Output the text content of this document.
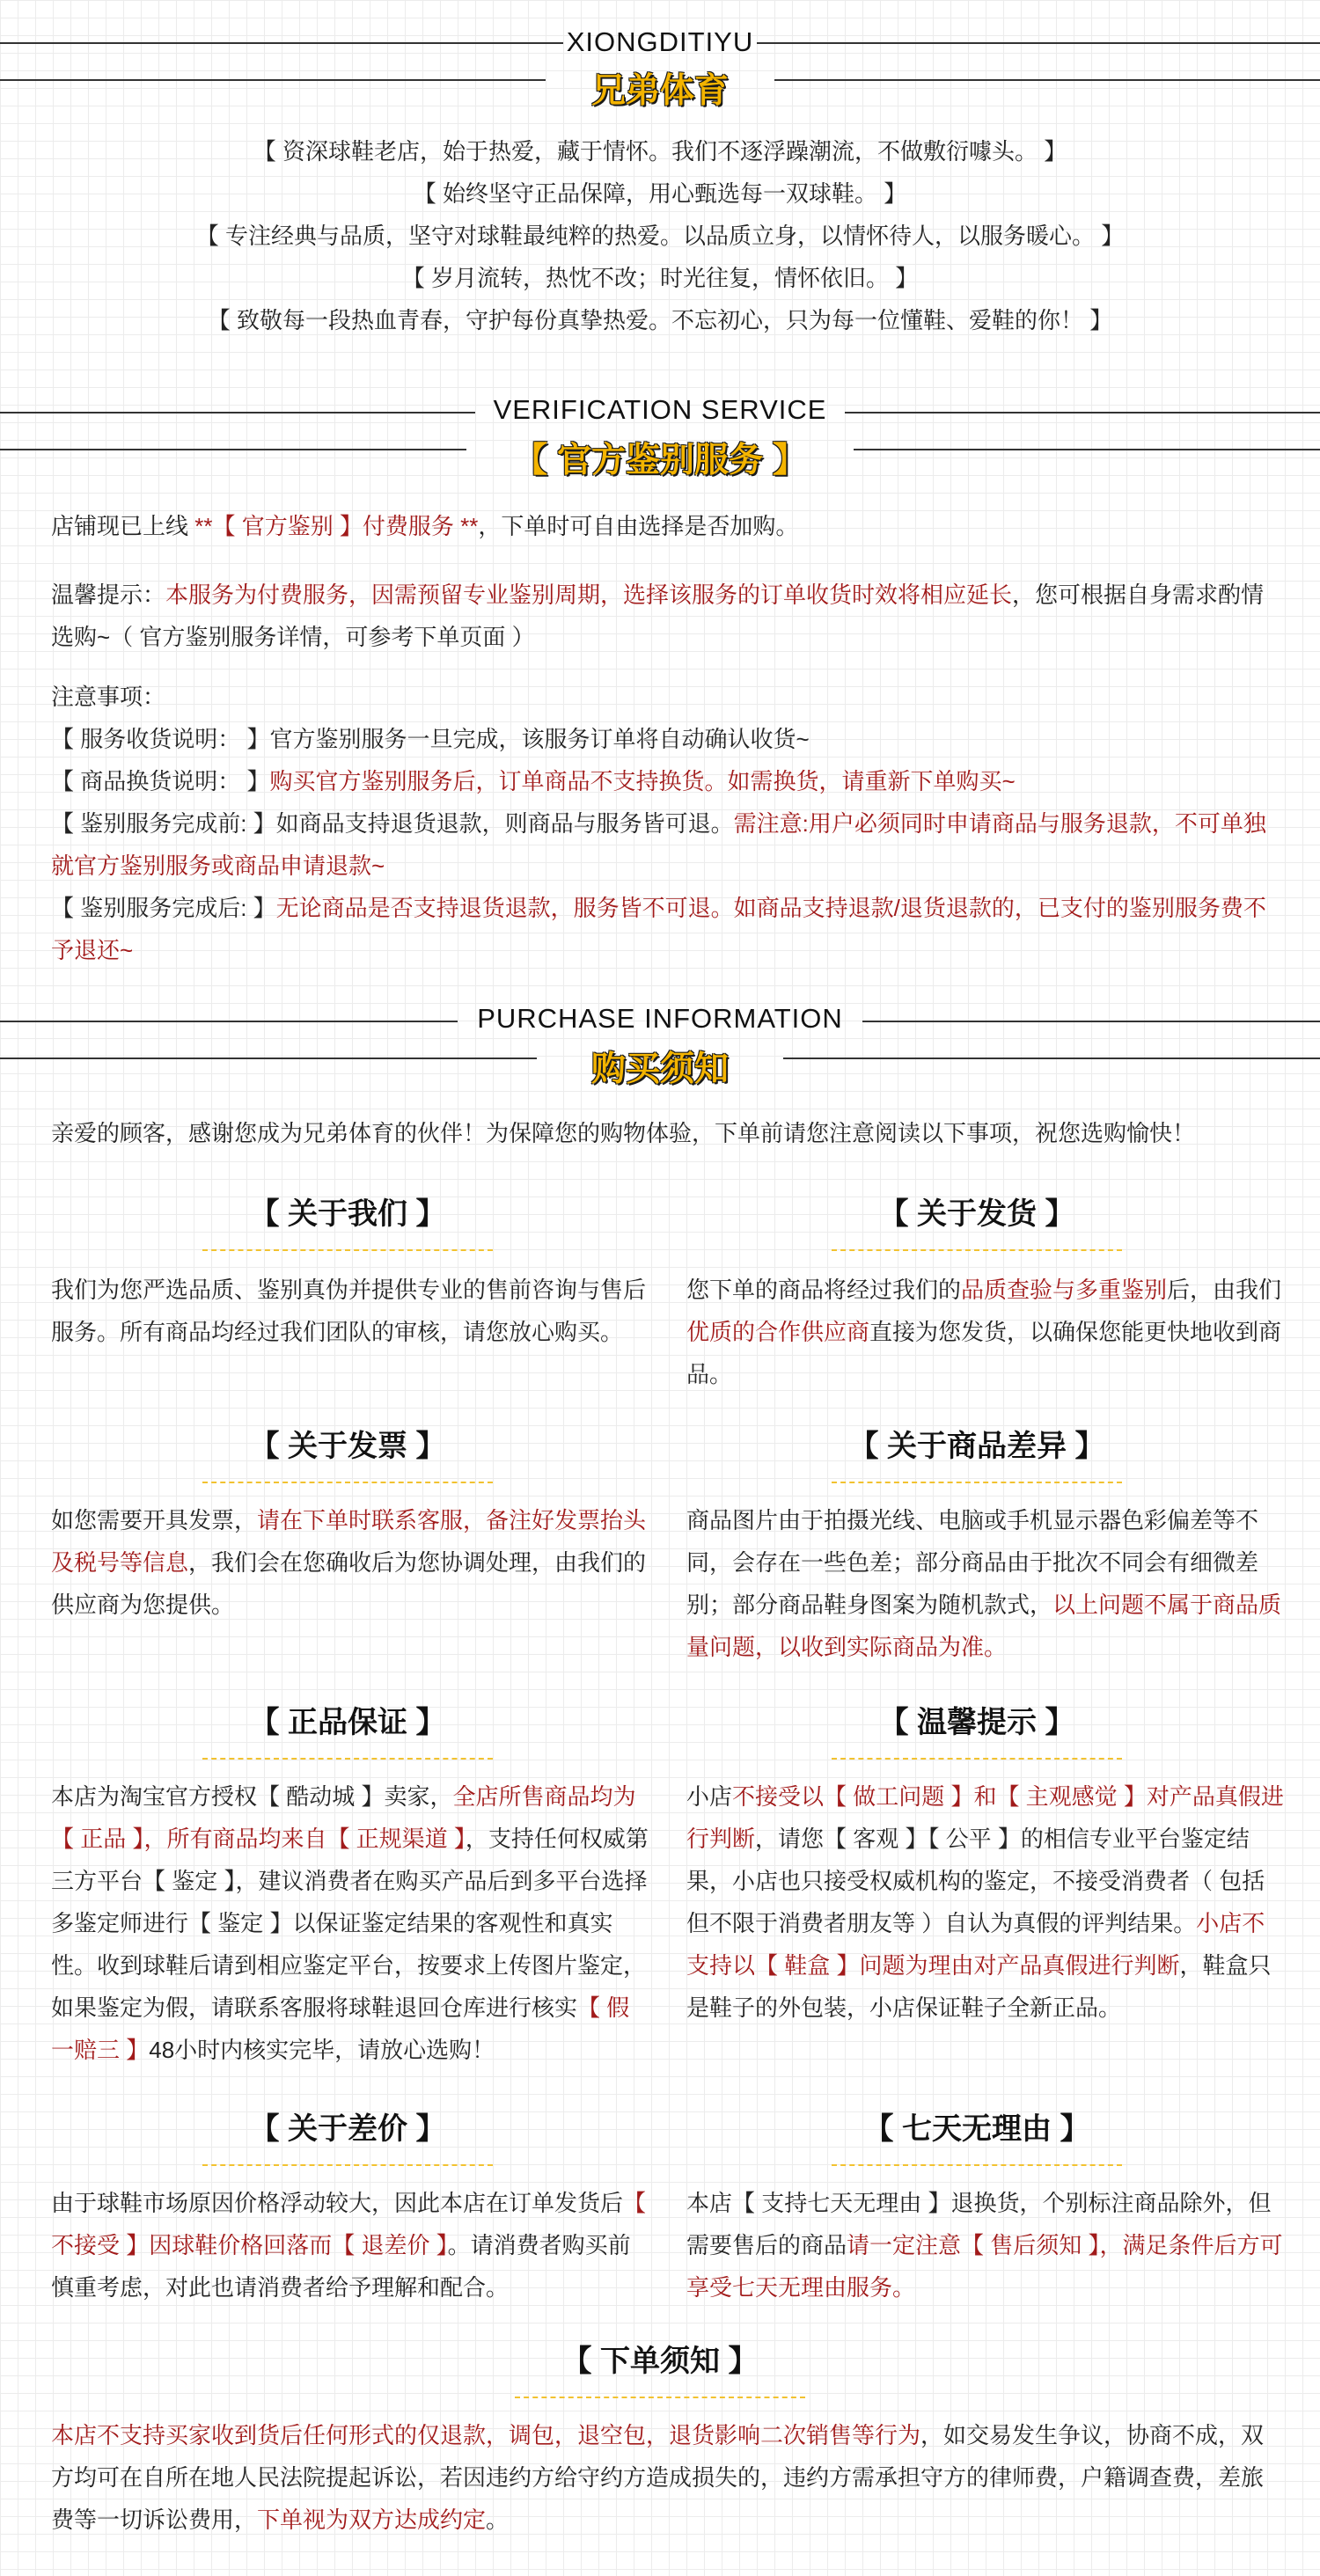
XIONGDITIYU
兄弟体育
【 资深球鞋老店，始于热爱，藏于情怀。我们不逐浮躁潮流，不做敷衍噱头。 】
【 始终坚守正品保障，用心甄选每一双球鞋。 】
【 专注经典与品质，坚守对球鞋最纯粹的热爱。以品质立身，以情怀待人，以服务暖心。 】
【 岁月流转，热忱不改；时光往复，情怀依旧。 】
【 致敬每一段热血青春，守护每份真挚热爱。不忘初心，只为每一位懂鞋、爱鞋的你！ 】
VERIFICATION SERVICE
【 官方鉴别服务 】
店铺现已上线 **【 官方鉴别 】付费服务 **，下单时可自由选择是否加购。
温馨提示：本服务为付费服务，因需预留专业鉴别周期，选择该服务的订单收货时效将相应延长，您可根据自身需求酌情选购~（ 官方鉴别服务详情，可参考下单页面 ）
注意事项：
【 服务收货说明： 】官方鉴别服务一旦完成，该服务订单将自动确认收货~
【 商品换货说明： 】购买官方鉴别服务后，订单商品不支持换货。如需换货，请重新下单购买~
【 鉴别服务完成前: 】如商品支持退货退款，则商品与服务皆可退。需注意:用户必须同时申请商品与服务退款，不可单独就官方鉴别服务或商品申请退款~
【 鉴别服务完成后: 】无论商品是否支持退货退款，服务皆不可退。如商品支持退款/退货退款的，已支付的鉴别服务费不予退还~
PURCHASE INFORMATION
购买须知
亲爱的顾客，感谢您成为兄弟体育的伙伴！为保障您的购物体验，下单前请您注意阅读以下事项，祝您选购愉快！
【 关于我们 】
我们为您严选品质、鉴别真伪并提供专业的售前咨询与售后服务。所有商品均经过我们团队的审核，请您放心购买。
【 关于发货 】
您下单的商品将经过我们的品质查验与多重鉴别后，由我们优质的合作供应商直接为您发货，以确保您能更快地收到商品。
【 关于发票 】
如您需要开具发票，请在下单时联系客服，备注好发票抬头及税号等信息，我们会在您确收后为您协调处理，由我们的供应商为您提供。
【 关于商品差异 】
商品图片由于拍摄光线、电脑或手机显示器色彩偏差等不同，会存在一些色差；部分商品由于批次不同会有细微差别；部分商品鞋身图案为随机款式，以上问题不属于商品质量问题，以收到实际商品为准。
【 正品保证 】
本店为淘宝官方授权【 酷动城 】卖家，全店所售商品均为【 正品 】，所有商品均来自【 正规渠道 】，支持任何权威第三方平台【 鉴定 】，建议消费者在购买产品后到多平台选择多鉴定师进行【 鉴定 】以保证鉴定结果的客观性和真实性。收到球鞋后请到相应鉴定平台，按要求上传图片鉴定，如果鉴定为假，请联系客服将球鞋退回仓库进行核实【 假一赔三 】48小时内核实完毕，请放心选购！
【 温馨提示 】
小店不接受以【 做工问题 】和【 主观感觉 】对产品真假进行判断，请您【 客观 】【 公平 】的相信专业平台鉴定结果，小店也只接受权威机构的鉴定，不接受消费者（ 包括但不限于消费者朋友等 ）自认为真假的评判结果。小店不支持以【 鞋盒 】问题为理由对产品真假进行判断，鞋盒只是鞋子的外包装，小店保证鞋子全新正品。
【 关于差价 】
由于球鞋市场原因价格浮动较大，因此本店在订单发货后【 不接受 】因球鞋价格回落而【 退差价 】。请消费者购买前慎重考虑，对此也请消费者给予理解和配合。
【 七天无理由 】
本店【 支持七天无理由 】退换货，个别标注商品除外，但需要售后的商品请一定注意【 售后须知 】，满足条件后方可享受七天无理由服务。
【 下单须知 】
本店不支持买家收到货后任何形式的仅退款，调包，退空包，退货影响二次销售等行为，如交易发生争议，协商不成，双方均可在自所在地人民法院提起诉讼，若因违约方给守约方造成损失的，违约方需承担守方的律师费，户籍调查费，差旅费等一切诉讼费用，下单视为双方达成约定。
